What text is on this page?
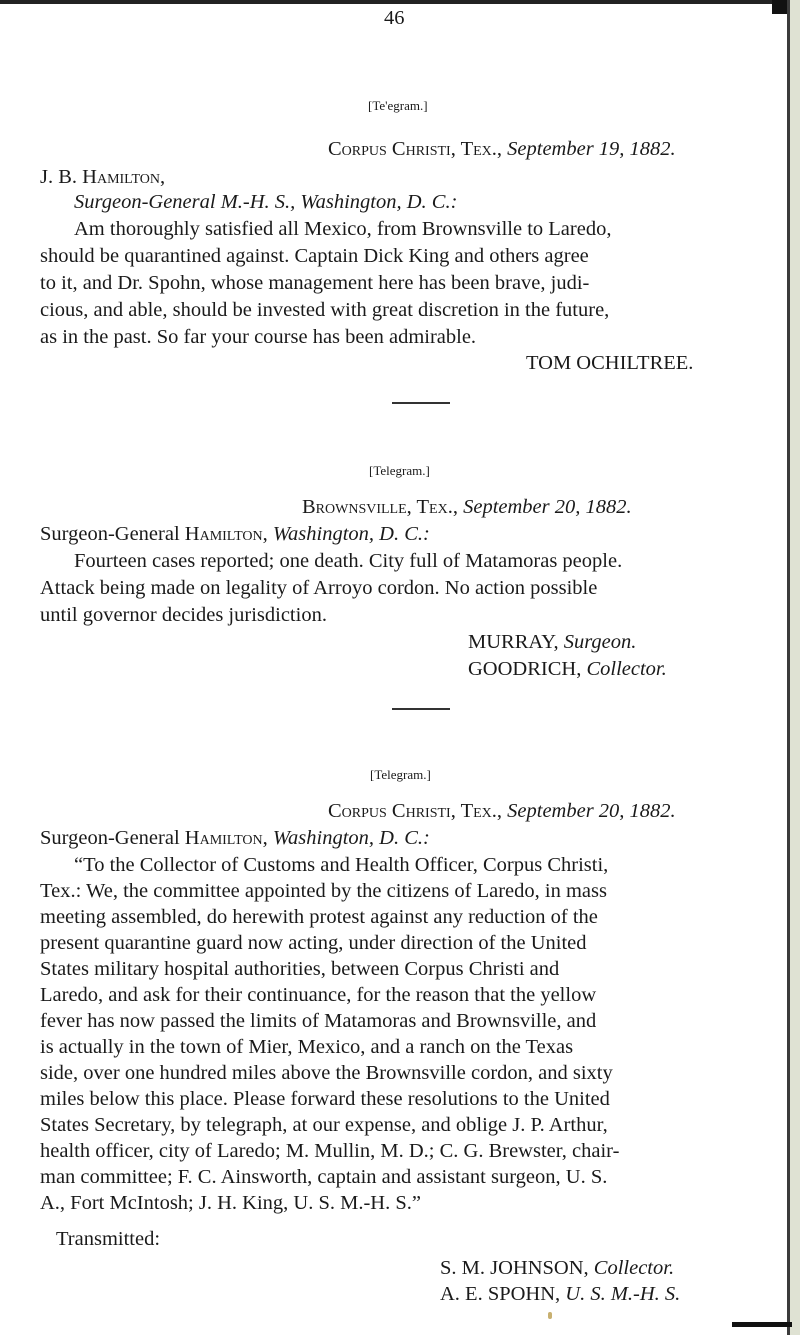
46
[Te'egram.]
Corpus Christi, Tex., September 19, 1882.
J. B. Hamilton,
Surgeon-General M.-H. S., Washington, D. C.:
Am thoroughly satisfied all Mexico, from Brownsville to Laredo,
should be quarantined against. Captain Dick King and others agree
to it, and Dr. Spohn, whose management here has been brave, judi-
cious, and able, should be invested with great discretion in the future,
as in the past. So far your course has been admirable.
TOM OCHILTREE.
[Telegram.]
Brownsville, Tex., September 20, 1882.
Surgeon-General Hamilton, Washington, D. C.:
Fourteen cases reported; one death. City full of Matamoras people.
Attack being made on legality of Arroyo cordon. No action possible
until governor decides jurisdiction.
MURRAY, Surgeon.
GOODRICH, Collector.
[Telegram.]
Corpus Christi, Tex., September 20, 1882.
Surgeon-General Hamilton, Washington, D. C.:
“To the Collector of Customs and Health Officer, Corpus Christi,
Tex.: We, the committee appointed by the citizens of Laredo, in mass
meeting assembled, do herewith protest against any reduction of the
present quarantine guard now acting, under direction of the United
States military hospital authorities, between Corpus Christi and
Laredo, and ask for their continuance, for the reason that the yellow
fever has now passed the limits of Matamoras and Brownsville, and
is actually in the town of Mier, Mexico, and a ranch on the Texas
side, over one hundred miles above the Brownsville cordon, and sixty
miles below this place. Please forward these resolutions to the United
States Secretary, by telegraph, at our expense, and oblige J. P. Arthur,
health officer, city of Laredo; M. Mullin, M. D.; C. G. Brewster, chair-
man committee; F. C. Ainsworth, captain and assistant surgeon, U. S.
A., Fort McIntosh; J. H. King, U. S. M.-H. S.”
Transmitted:
S. M. JOHNSON, Collector.
A. E. SPOHN, U. S. M.-H. S.
